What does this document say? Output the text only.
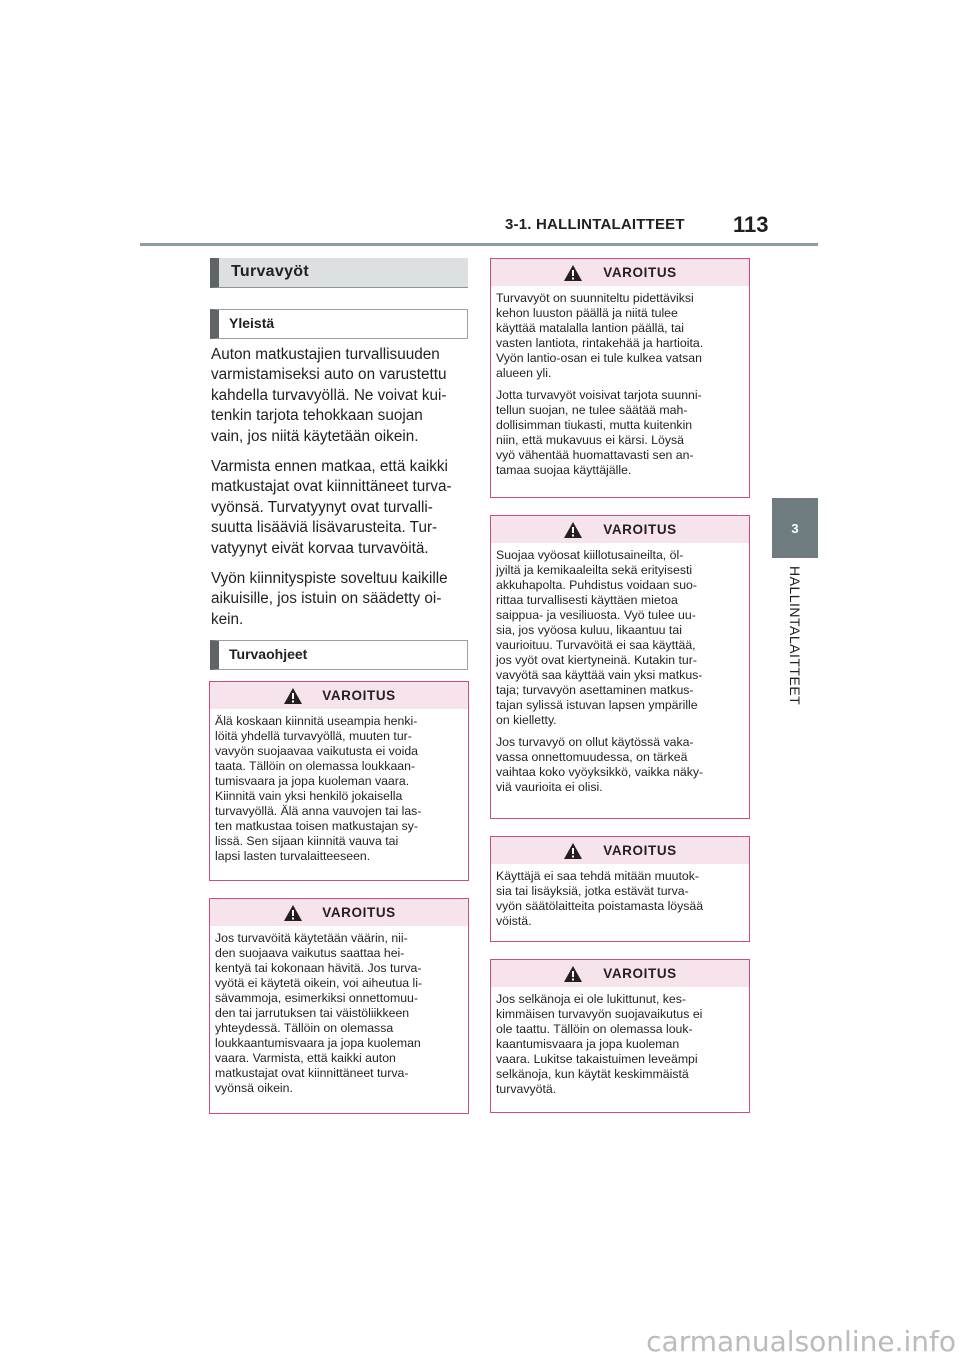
3-1. HALLINTALAITTEET 113
3
HALLINTALAITTEET
Turvavyöt
Yleistä

Auton matkustajien turvallisuuden
varmistamiseksi auto on varustettu
kahdella turvavyöllä. Ne voivat kui-
tenkin tarjota tehokkaan suojan
vain, jos niitä käytetään oikein.

Varmista ennen matkaa, että kaikki
matkustajat ovat kiinnittäneet turva-
vyönsä. Turvatyynyt ovat turvalli-
suutta lisääviä lisävarusteita. Tur-
vatyynyt eivät korvaa turvavöitä.

Vyön kiinnityspiste soveltuu kaikille
aikuisille, jos istuin on säädetty oi-
kein.

Turvaohjeet
VAROITUS
Älä koskaan kiinnitä useampia henki-
löitä yhdellä turvavyöllä, muuten tur-
vavyön suojaavaa vaikutusta ei voida
taata. Tällöin on olemassa loukkaan-
tumisvaara ja jopa kuoleman vaara.
Kiinnitä vain yksi henkilö jokaisella
turvavyöllä. Älä anna vauvojen tai las-
ten matkustaa toisen matkustajan sy-
lissä. Sen sijaan kiinnitä vauva tai
lapsi lasten turvalaitteeseen.
VAROITUS
Jos turvavöitä käytetään väärin, nii-
den suojaava vaikutus saattaa hei-
kentyä tai kokonaan hävitä. Jos turva-
vyötä ei käytetä oikein, voi aiheutua li-
sävammoja, esimerkiksi onnettomuu-
den tai jarrutuksen tai väistöliikkeen
yhteydessä. Tällöin on olemassa
loukkaantumisvaara ja jopa kuoleman
vaara. Varmista, että kaikki auton
matkustajat ovat kiinnittäneet turva-
vyönsä oikein.
VAROITUS

Turvavyöt on suunniteltu pidettäviksi
kehon luuston päällä ja niitä tulee
käyttää matalalla lantion päällä, tai
vasten lantiota, rintakehää ja hartioita.
Vyön lantio-osan ei tule kulkea vatsan
alueen yli.

Jotta turvavyöt voisivat tarjota suunni-
tellun suojan, ne tulee säätää mah-
dollisimman tiukasti, mutta kuitenkin
niin, että mukavuus ei kärsi. Löysä
vyö vähentää huomattavasti sen an-
tamaa suojaa käyttäjälle.

VAROITUS

Suojaa vyöosat kiillotusaineilta, öl-
jyiltä ja kemikaaleilta sekä erityisesti
akkuhapolta. Puhdistus voidaan suo-
rittaa turvallisesti käyttäen mietoa
saippua- ja vesiliuosta. Vyö tulee uu-
sia, jos vyöosa kuluu, likaantuu tai
vaurioituu. Turvavöitä ei saa käyttää,
jos vyöt ovat kiertyneinä. Kutakin tur-
vavyötä saa käyttää vain yksi matkus-
taja; turvavyön asettaminen matkus-
tajan sylissä istuvan lapsen ympärille
on kielletty.

Jos turvavyö on ollut käytössä vaka-
vassa onnettomuudessa, on tärkeä
vaihtaa koko vyöyksikkö, vaikka näky-
viä vaurioita ei olisi.

VAROITUS
Käyttäjä ei saa tehdä mitään muutok-
sia tai lisäyksiä, jotka estävät turva-
vyön säätölaitteita poistamasta löysää
vöistä.
VAROITUS
Jos selkänoja ei ole lukittunut, kes-
kimmäisen turvavyön suojavaikutus ei
ole taattu. Tällöin on olemassa louk-
kaantumisvaara ja jopa kuoleman
vaara. Lukitse takaistuimen leveämpi
selkänoja, kun käytät keskimmäistä
turvavyötä.
carmanualsonline.info
